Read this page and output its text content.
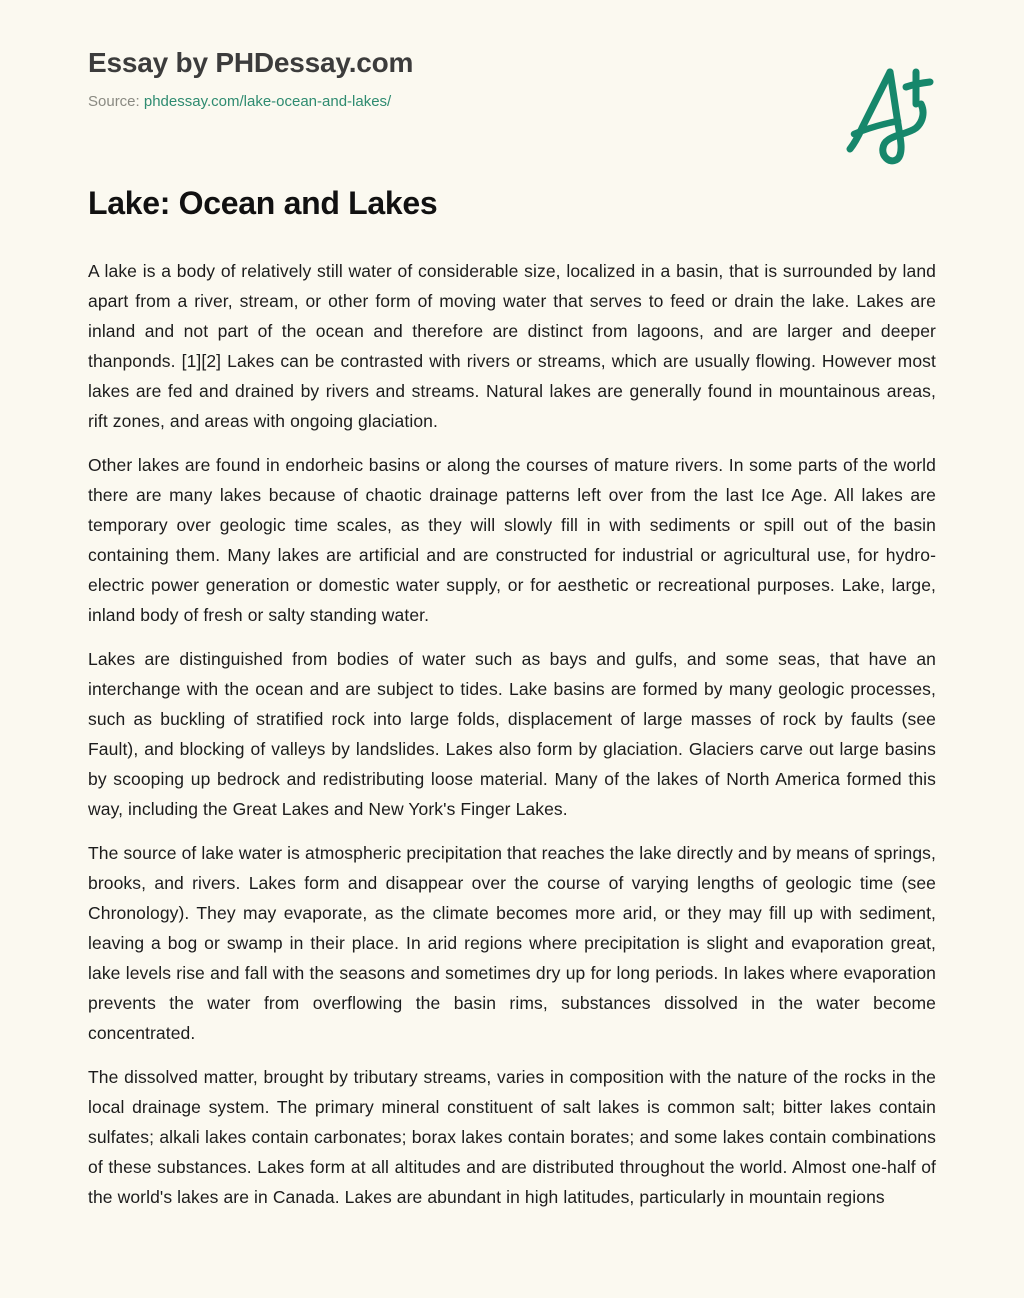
Essay by PHDessay.com
Source: phdessay.com/lake-ocean-and-lakes/
Lake: Ocean and Lakes

A lake is a body of relatively still water of considerable size, localized in a basin, that is surrounded by land apart from a river, stream, or other form of moving water that serves to feed or drain the lake. Lakes are inland and not part of the ocean and therefore are distinct from lagoons, and are larger and deeper thanponds. [1][2] Lakes can be contrasted with rivers or streams, which are usually flowing. However most lakes are fed and drained by rivers and streams. Natural lakes are generally found in mountainous areas, rift zones, and areas with ongoing glaciation.

Other lakes are found in endorheic basins or along the courses of mature rivers. In some parts of the world there are many lakes because of chaotic drainage patterns left over from the last Ice Age. All lakes are temporary over geologic time scales, as they will slowly fill in with sediments or spill out of the basin containing them. Many lakes are artificial and are constructed for industrial or agricultural use, for hydro-electric power generation or domestic water supply, or for aesthetic or recreational purposes. Lake, large, inland body of fresh or salty standing water.

Lakes are distinguished from bodies of water such as bays and gulfs, and some seas, that have an interchange with the ocean and are subject to tides. Lake basins are formed by many geologic processes, such as buckling of stratified rock into large folds, displacement of large masses of rock by faults (see Fault), and blocking of valleys by landslides. Lakes also form by glaciation. Glaciers carve out large basins by scooping up bedrock and redistributing loose material. Many of the lakes of North America formed this way, including the Great Lakes and New York's Finger Lakes.

The source of lake water is atmospheric precipitation that reaches the lake directly and by means of springs, brooks, and rivers. Lakes form and disappear over the course of varying lengths of geologic time (see Chronology). They may evaporate, as the climate becomes more arid, or they may fill up with sediment, leaving a bog or swamp in their place. In arid regions where precipitation is slight and evaporation great, lake levels rise and fall with the seasons and sometimes dry up for long periods. In lakes where evaporation prevents the water from overflowing the basin rims, substances dissolved in the water become concentrated.

The dissolved matter, brought by tributary streams, varies in composition with the nature of the rocks in the local drainage system. The primary mineral constituent of salt lakes is common salt; bitter lakes contain sulfates; alkali lakes contain carbonates; borax lakes contain borates; and some lakes contain combinations of these substances. Lakes form at all altitudes and are distributed throughout the world. Almost one-half of the world's lakes are in Canada. Lakes are abundant in high latitudes, particularly in mountain regions
